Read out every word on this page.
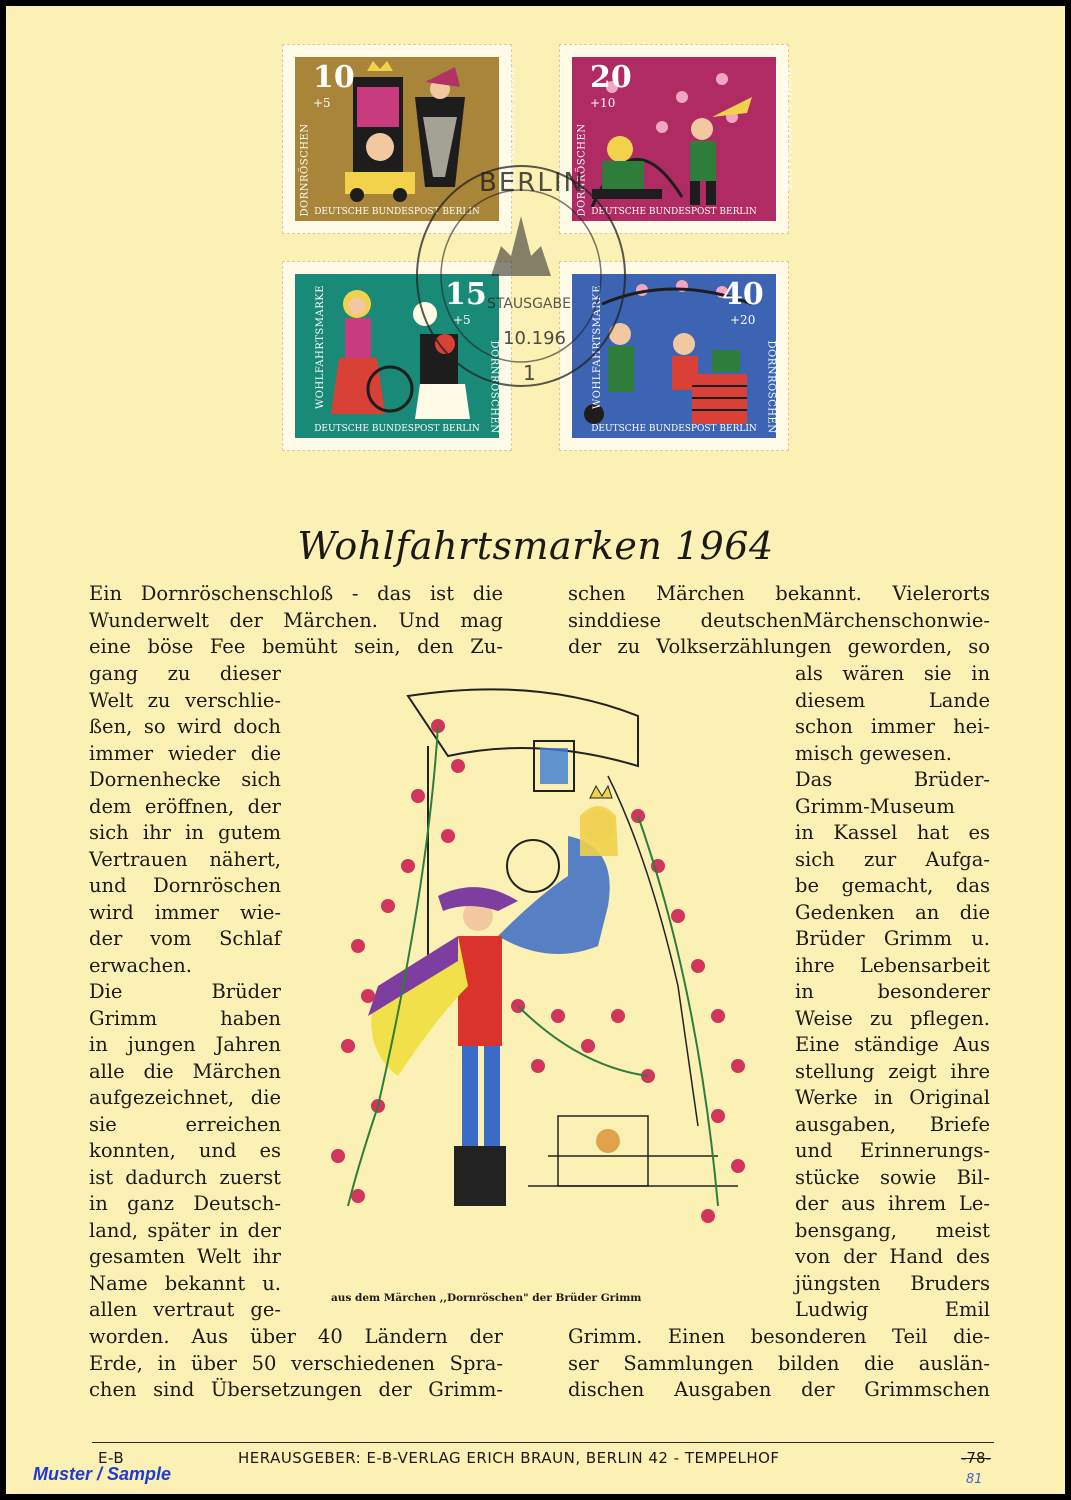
10
+5
DORNRÖSCHEN	WOHLFAHRTSMARKE
DEUTSCHE BUNDESPOST BERLIN
20
+10
DORNRÖSCHEN	WOHLFAHRTSMARKE
DEUTSCHE BUNDESPOST BERLIN
15
+5
WOHLFAHRTSMARKE	DORNRÖSCHEN
DEUTSCHE BUNDESPOST BERLIN
40
+20
WOHLFAHRTSMARKE	DORNRÖSCHEN
DEUTSCHE BUNDESPOST BERLIN
BERLIN
STAUSGABE
10.196
1
Wohlfahrtsmarken 1964
Ein Dornröschenschloß - das ist die
Wunderwelt der Märchen. Und mag
eine böse Fee bemüht sein, den Zu-
schen Märchen bekannt. Vielerorts
sinddiese deutschenMärchenschonwie-
der zu Volkserzählungen geworden, so
gang zu dieser
Welt zu verschlie-
ßen, so wird doch
immer wieder die
Dornenhecke sich
dem eröffnen, der
sich ihr in gutem
Vertrauen nähert,
und Dornröschen
wird immer wie-
der vom Schlaf
erwachen.
Die Brüder
Grimm haben
in jungen Jahren
alle die Märchen
aufgezeichnet, die
sie erreichen
konnten, und es
ist dadurch zuerst
in ganz Deutsch-
land, später in der
gesamten Welt ihr
Name bekannt u.
allen vertraut ge-
als wären sie in
diesem Lande
schon immer hei-
misch gewesen.
Das Brüder-
Grimm-Museum
in Kassel hat es
sich zur Aufga-
be gemacht, das
Gedenken an die
Brüder Grimm u.
ihre Lebensarbeit
in besonderer
Weise zu pflegen.
Eine ständige Aus
stellung zeigt ihre
Werke in Original
ausgaben, Briefe
und Erinnerungs-
stücke sowie Bil-
der aus ihrem Le-
bensgang, meist
von der Hand des
jüngsten Bruders
Ludwig Emil
worden. Aus über 40 Ländern der
Erde, in über 50 verschiedenen Spra-
chen sind Übersetzungen der Grimm-
Grimm. Einen besonderen Teil die-
ser Sammlungen bilden die auslän-
dischen Ausgaben der Grimmschen
aus dem Märchen ,,Dornröschen" der Brüder Grimm
E-B	HERAUSGEBER: E-B-VERLAG ERICH BRAUN, BERLIN 42 - TEMPELHOF	-78-
81
Muster / Sample
